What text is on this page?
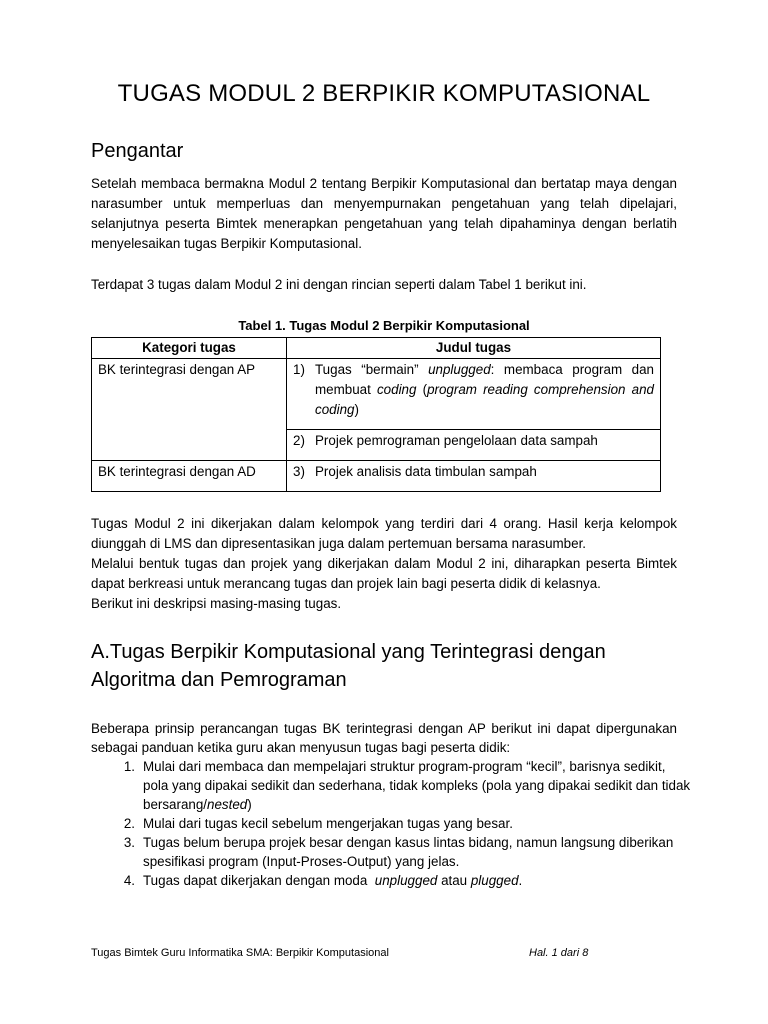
TUGAS MODUL 2 BERPIKIR KOMPUTASIONAL
Pengantar

Setelah membaca bermakna Modul 2 tentang Berpikir Komputasional dan bertatap maya dengan narasumber untuk memperluas dan menyempurnakan pengetahuan yang telah dipelajari, selanjutnya peserta Bimtek menerapkan pengetahuan yang telah dipahaminya dengan berlatih menyelesaikan tugas Berpikir Komputasional.

Terdapat 3 tugas dalam Modul 2 ini dengan rincian seperti dalam Tabel 1 berikut ini.

Tabel 1. Tugas Modul 2 Berpikir Komputasional
Kategori tugas	Judul tugas
BK terintegrasi dengan AP	1) Tugas “bermain” unplugged: membaca program dan membuat coding (program reading comprehension and coding)

	2) Projek pemrograman pengelolaan data sampah

BK terintegrasi dengan AD	3) Projek analisis data timbulan sampah

Tugas Modul 2 ini dikerjakan dalam kelompok yang terdiri dari 4 orang. Hasil kerja kelompok diunggah di LMS dan dipresentasikan juga dalam pertemuan bersama narasumber.

Melalui bentuk tugas dan projek yang dikerjakan dalam Modul 2 ini, diharapkan peserta Bimtek dapat berkreasi untuk merancang tugas dan projek lain bagi peserta didik di kelasnya.

Berikut ini deskripsi masing-masing tugas.

A.Tugas Berpikir Komputasional yang Terintegrasi dengan
Algoritma dan Pemrograman

Beberapa prinsip perancangan tugas BK terintegrasi dengan AP berikut ini dapat dipergunakan sebagai panduan ketika guru akan menyusun tugas bagi peserta didik:

1. Mulai dari membaca dan mempelajari struktur program-program “kecil”, barisnya sedikit, pola yang dipakai sedikit dan sederhana, tidak kompleks (pola yang dipakai sedikit dan tidak bersarang/nested)
2. Mulai dari tugas kecil sebelum mengerjakan tugas yang besar.
3. Tugas belum berupa projek besar dengan kasus lintas bidang, namun langsung diberikan spesifikasi program (Input-Proses-Output) yang jelas.
4. Tugas dapat dikerjakan dengan moda  unplugged atau plugged.
Tugas Bimtek Guru Informatika SMA: Berpikir Komputasional	Hal. 1 dari 8
